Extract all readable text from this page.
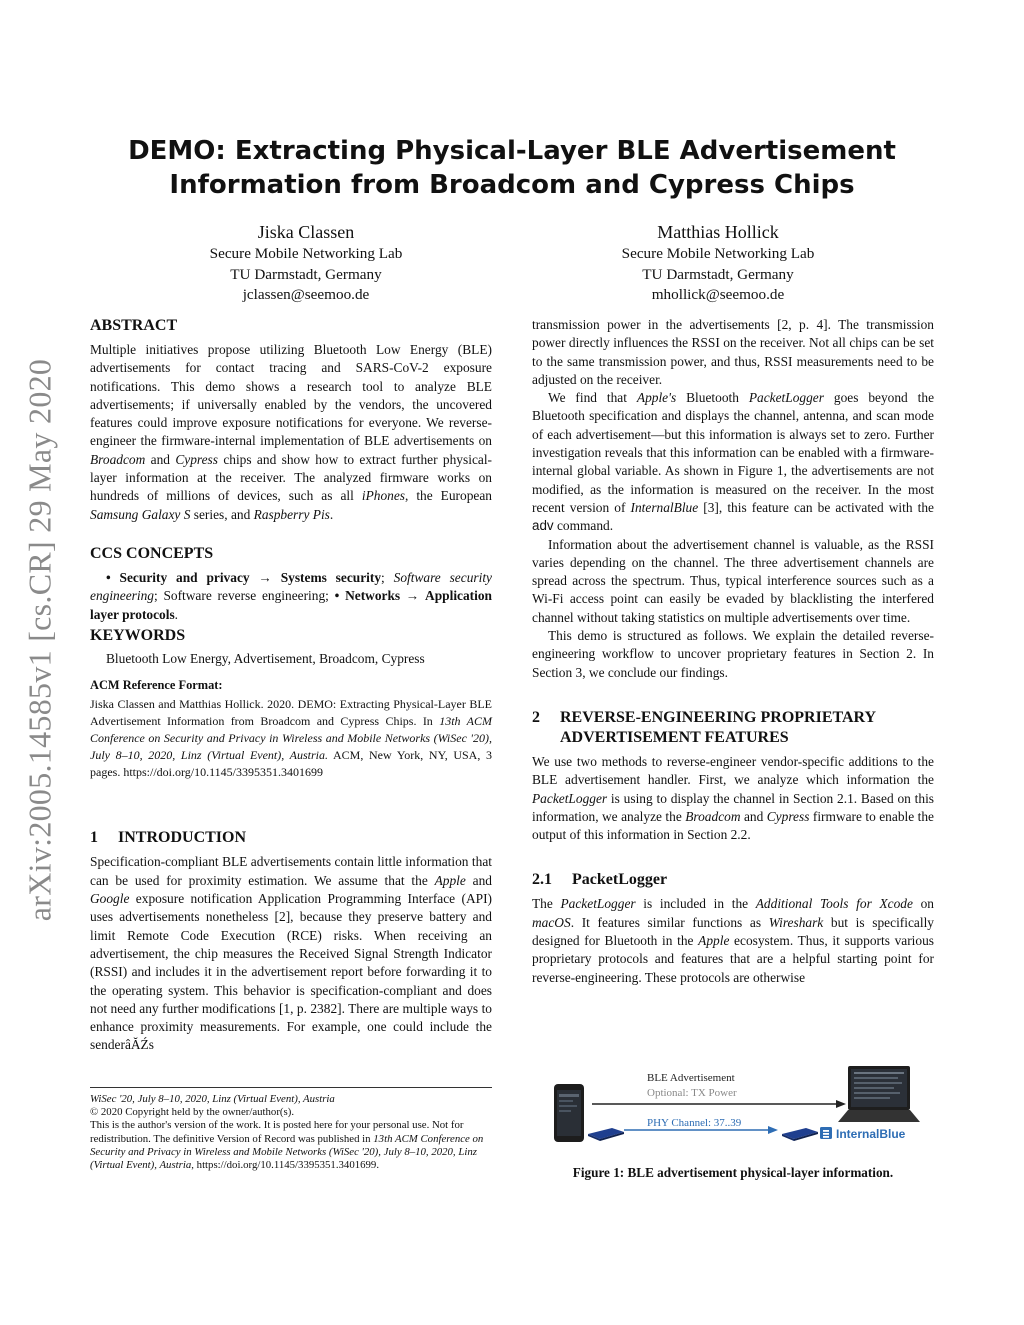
DEMO: Extracting Physical-Layer BLE Advertisement
Information from Broadcom and Cypress Chips
Jiska Classen
Secure Mobile Networking Lab
TU Darmstadt, Germany
jclassen@seemoo.de
Matthias Hollick
Secure Mobile Networking Lab
TU Darmstadt, Germany
mhollick@seemoo.de
arXiv:2005.14585v1 [cs.CR] 29 May 2020
ABSTRACT

Multiple initiatives propose utilizing Bluetooth Low Energy (BLE) advertisements for contact tracing and SARS-CoV-2 exposure notifications. This demo shows a research tool to analyze BLE advertisements; if universally enabled by the vendors, the uncovered features could improve exposure notifications for everyone. We reverse-engineer the firmware-internal implementation of BLE advertisements on Broadcom and Cypress chips and show how to extract further physical-layer information at the receiver. The analyzed firmware works on hundreds of millions of devices, such as all iPhones, the European Samsung Galaxy S series, and Raspberry Pis.

CCS CONCEPTS

• Security and privacy → Systems security; Software security engineering; Software reverse engineering; • Networks → Application layer protocols.

KEYWORDS

Bluetooth Low Energy, Advertisement, Broadcom, Cypress

ACM Reference Format:

Jiska Classen and Matthias Hollick. 2020. DEMO: Extracting Physical-Layer BLE Advertisement Information from Broadcom and Cypress Chips. In 13th ACM Conference on Security and Privacy in Wireless and Mobile Networks (WiSec '20), July 8–10, 2020, Linz (Virtual Event), Austria. ACM, New York, NY, USA, 3 pages. https://doi.org/10.1145/3395351.3401699

1 INTRODUCTION

Specification-compliant BLE advertisements contain little information that can be used for proximity estimation. We assume that the Apple and Google exposure notification Application Programming Interface (API) uses advertisements nonetheless [2], because they preserve battery and limit Remote Code Execution (RCE) risks. When receiving an advertisement, the chip measures the Received Signal Strength Indicator (RSSI) and includes it in the advertisement report before forwarding it to the operating system. This behavior is specification-compliant and does not need any further modifications [1, p. 2382]. There are multiple ways to enhance proximity measurements. For example, one could include the senderâĂŹs

WiSec '20, July 8–10, 2020, Linz (Virtual Event), Austria

© 2020 Copyright held by the owner/author(s).

This is the author's version of the work. It is posted here for your personal use. Not for redistribution. The definitive Version of Record was published in 13th ACM Conference on Security and Privacy in Wireless and Mobile Networks (WiSec '20), July 8–10, 2020, Linz (Virtual Event), Austria, https://doi.org/10.1145/3395351.3401699.

transmission power in the advertisements [2, p. 4]. The transmission power directly influences the RSSI on the receiver. Not all chips can be set to the same transmission power, and thus, RSSI measurements need to be adjusted on the receiver.

We find that Apple's Bluetooth PacketLogger goes beyond the Bluetooth specification and displays the channel, antenna, and scan mode of each advertisement—but this information is always set to zero. Further investigation reveals that this information can be enabled with a firmware-internal global variable. As shown in Figure 1, the advertisements are not modified, as the information is measured on the receiver. In the most recent version of InternalBlue [3], this feature can be activated with the adv command.

Information about the advertisement channel is valuable, as the RSSI varies depending on the channel. The three advertisement channels are spread across the spectrum. Thus, typical interference sources such as a Wi-Fi access point can easily be evaded by blacklisting the interfered channel without taking statistics on multiple advertisements over time.

This demo is structured as follows. We explain the detailed reverse-engineering workflow to uncover proprietary features in Section 2. In Section 3, we conclude our findings.

2 REVERSE-ENGINEERING PROPRIETARY
ADVERTISEMENT FEATURES

We use two methods to reverse-engineer vendor-specific additions to the BLE advertisement handler. First, we analyze which information the PacketLogger is using to display the channel in Section 2.1. Based on this information, we analyze the Broadcom and Cypress firmware to enable the output of this information in Section 2.2.

2.1 PacketLogger

The PacketLogger is included in the Additional Tools for Xcode on macOS. It features similar functions as Wireshark but is specifically designed for Bluetooth in the Apple ecosystem. Thus, it supports various proprietary protocols and features that are a helpful starting point for reverse-engineering. These protocols are otherwise

BLE Advertisement
Optional: TX Power
PHY Channel: 37..39
InternalBlue
Figure 1: BLE advertisement physical-layer information.
